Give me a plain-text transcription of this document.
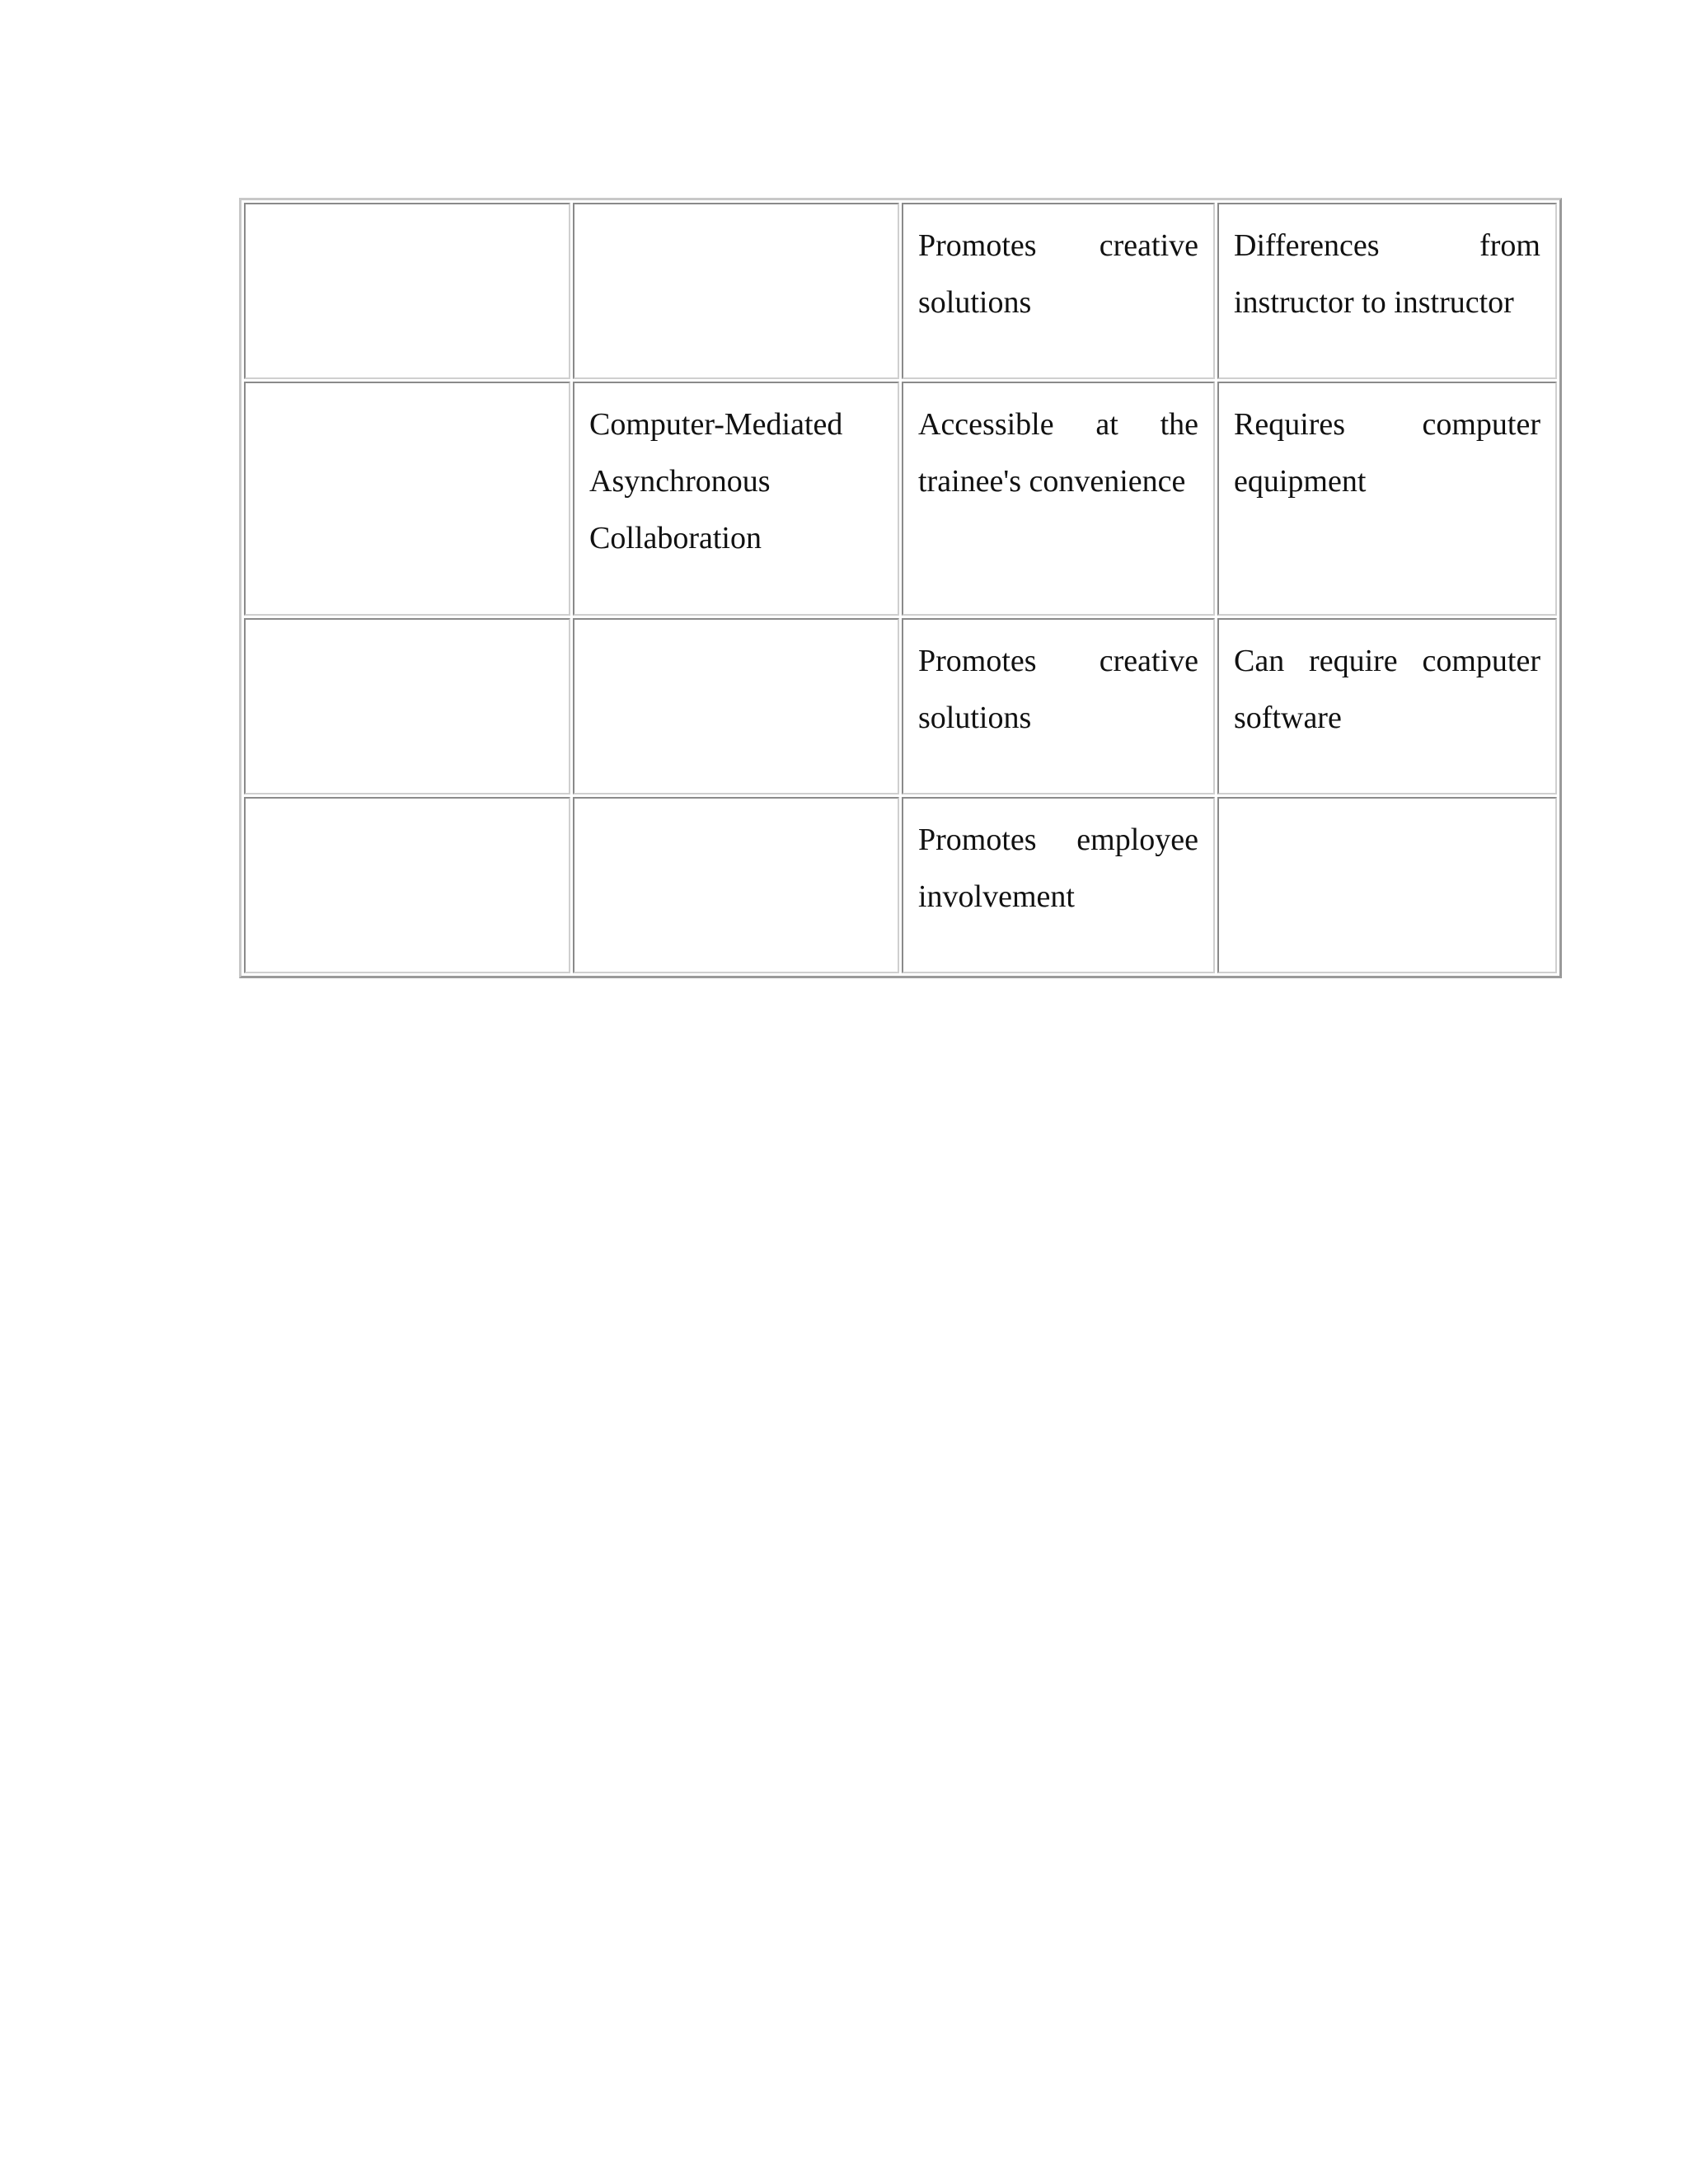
		Promotes creative solutions	Differences from instructor to instructor
	Computer-Mediated Asynchronous Collaboration	Accessible at the trainee's convenience	Requires computer equipment
		Promotes creative solutions	Can require computer software
		Promotes employee involvement	
